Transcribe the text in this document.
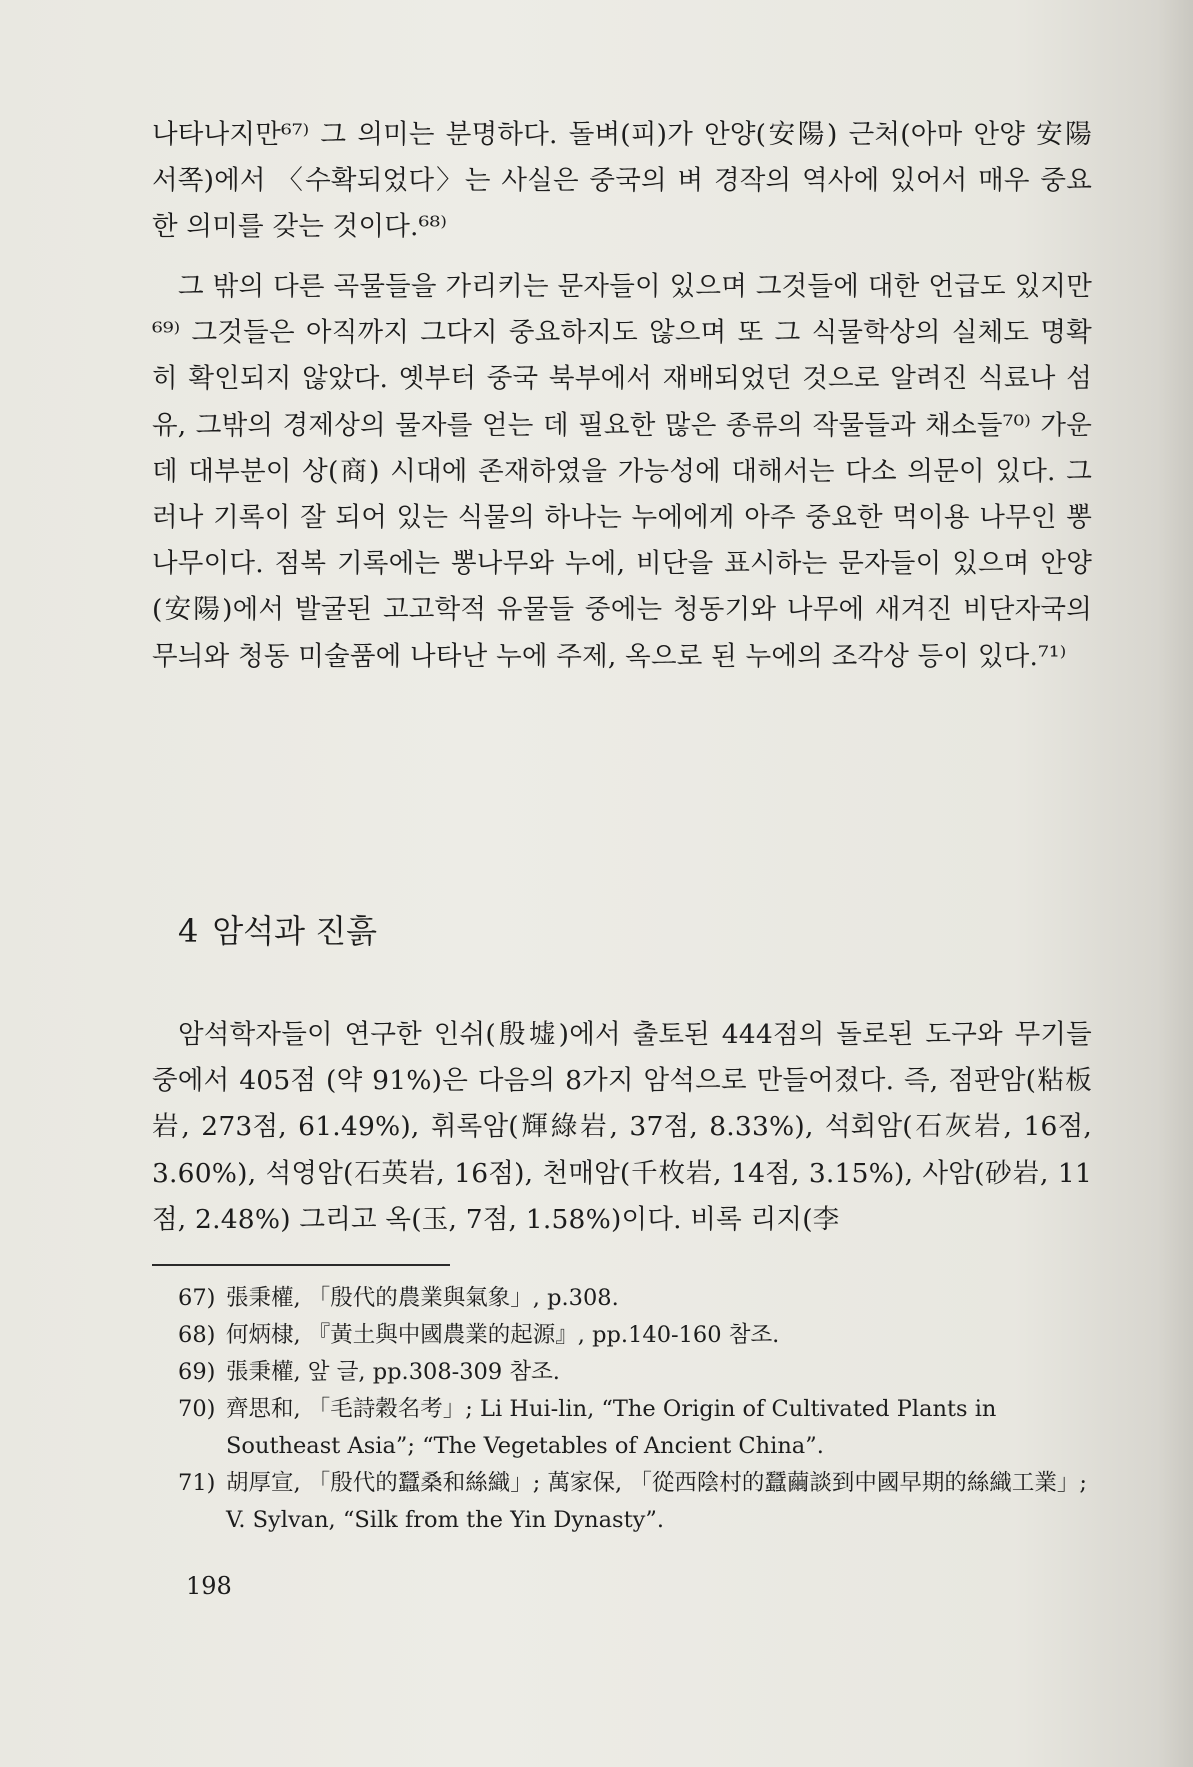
나타나지만⁶⁷⁾ 그 의미는 분명하다. 돌벼(피)가 안양(安陽) 근처(아마 안양 安陽 서쪽)에서 〈수확되었다〉는 사실은 중국의 벼 경작의 역사에 있어서 매우 중요한 의미를 갖는 것이다.⁶⁸⁾

그 밖의 다른 곡물들을 가리키는 문자들이 있으며 그것들에 대한 언급도 있지만⁶⁹⁾ 그것들은 아직까지 그다지 중요하지도 않으며 또 그 식물학상의 실체도 명확히 확인되지 않았다. 옛부터 중국 북부에서 재배되었던 것으로 알려진 식료나 섬유, 그밖의 경제상의 물자를 얻는 데 필요한 많은 종류의 작물들과 채소들⁷⁰⁾ 가운데 대부분이 상(商) 시대에 존재하였을 가능성에 대해서는 다소 의문이 있다. 그러나 기록이 잘 되어 있는 식물의 하나는 누에에게 아주 중요한 먹이용 나무인 뽕나무이다. 점복 기록에는 뽕나무와 누에, 비단을 표시하는 문자들이 있으며 안양(安陽)에서 발굴된 고고학적 유물들 중에는 청동기와 나무에 새겨진 비단자국의 무늬와 청동 미술품에 나타난 누에 주제, 옥으로 된 누에의 조각상 등이 있다.⁷¹⁾

4 암석과 진흙

암석학자들이 연구한 인쉬(殷墟)에서 출토된 444점의 돌로된 도구와 무기들 중에서 405점 (약 91%)은 다음의 8가지 암석으로 만들어졌다. 즉, 점판암(粘板岩, 273점, 61.49%), 휘록암(輝綠岩, 37점, 8.33%), 석회암(石灰岩, 16점, 3.60%), 석영암(石英岩, 16점), 천매암(千枚岩, 14점, 3.15%), 사암(砂岩, 11점, 2.48%) 그리고 옥(玉, 7점, 1.58%)이다. 비록 리지(李

67) 張秉權, 「殷代的農業與氣象」, p.308.
68) 何炳棣, 『黃土與中國農業的起源』, pp.140-160 참조.
69) 張秉權, 앞 글, pp.308-309 참조.
70) 齊思和, 「毛詩穀名考」; Li Hui-lin, “The Origin of Cultivated Plants in Southeast Asia”; “The Vegetables of Ancient China”.
71) 胡厚宣, 「殷代的蠶桑和絲織」; 萬家保, 「從西陰村的蠶繭談到中國早期的絲織工業」; V. Sylvan, “Silk from the Yin Dynasty”.
198
